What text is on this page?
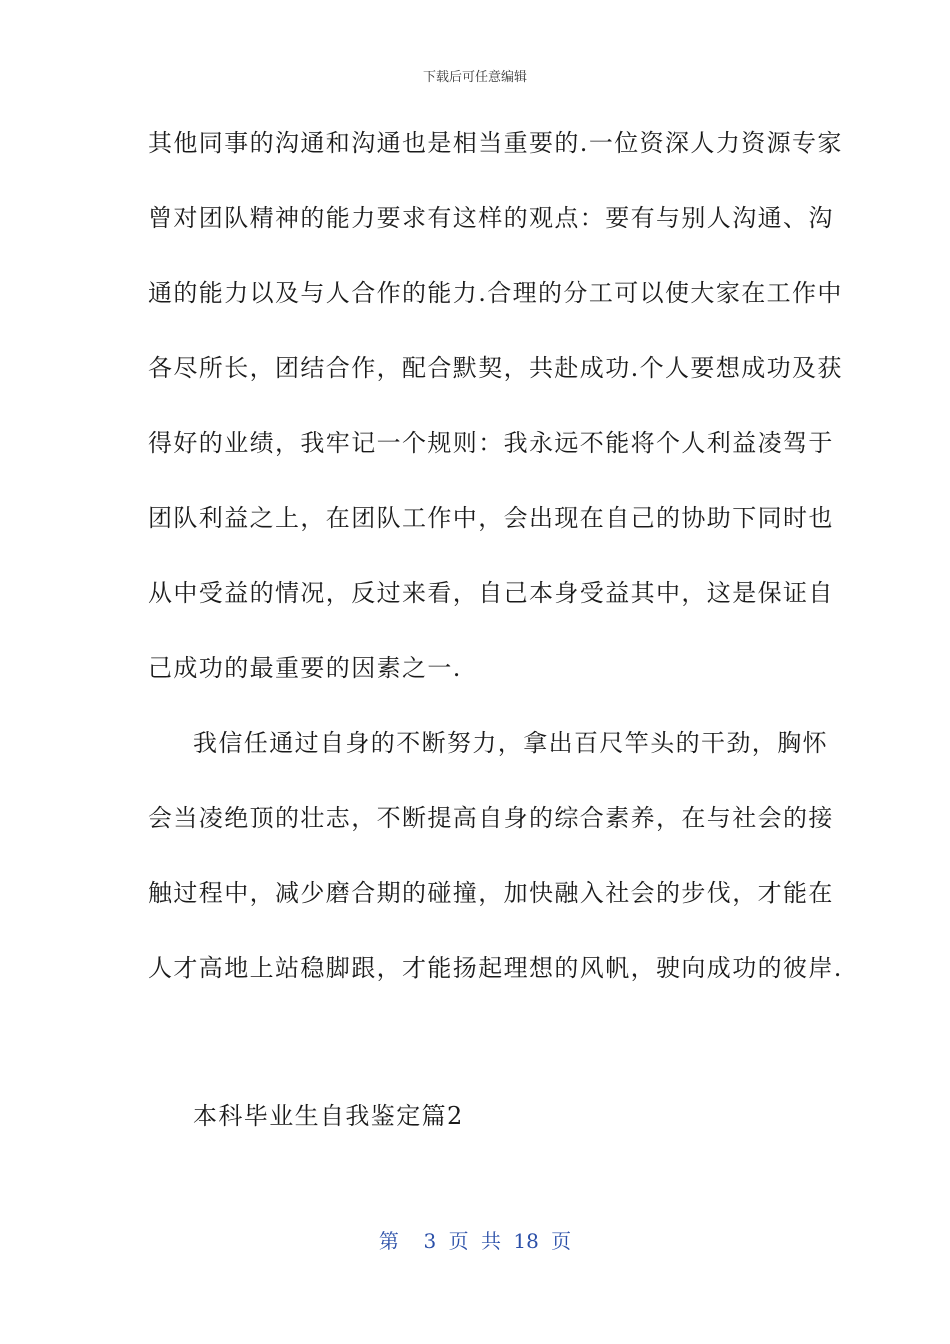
下载后可任意编辑
其他同事的沟通和沟通也是相当重要的.一位资深人力资源专家
曾对团队精神的能力要求有这样的观点：要有与别人沟通、沟
通的能力以及与人合作的能力.合理的分工可以使大家在工作中
各尽所长，团结合作，配合默契，共赴成功.个人要想成功及获
得好的业绩，我牢记一个规则：我永远不能将个人利益凌驾于
团队利益之上，在团队工作中，会出现在自己的协助下同时也
从中受益的情况，反过来看，自己本身受益其中，这是保证自
己成功的最重要的因素之一.
我信任通过自身的不断努力，拿出百尺竿头的干劲，胸怀
会当凌绝顶的壮志，不断提高自身的综合素养，在与社会的接
触过程中，减少磨合期的碰撞，加快融入社会的步伐，才能在
人才高地上站稳脚跟，才能扬起理想的风帆，驶向成功的彼岸.
本科毕业生自我鉴定篇2
第  3 页 共 18 页
